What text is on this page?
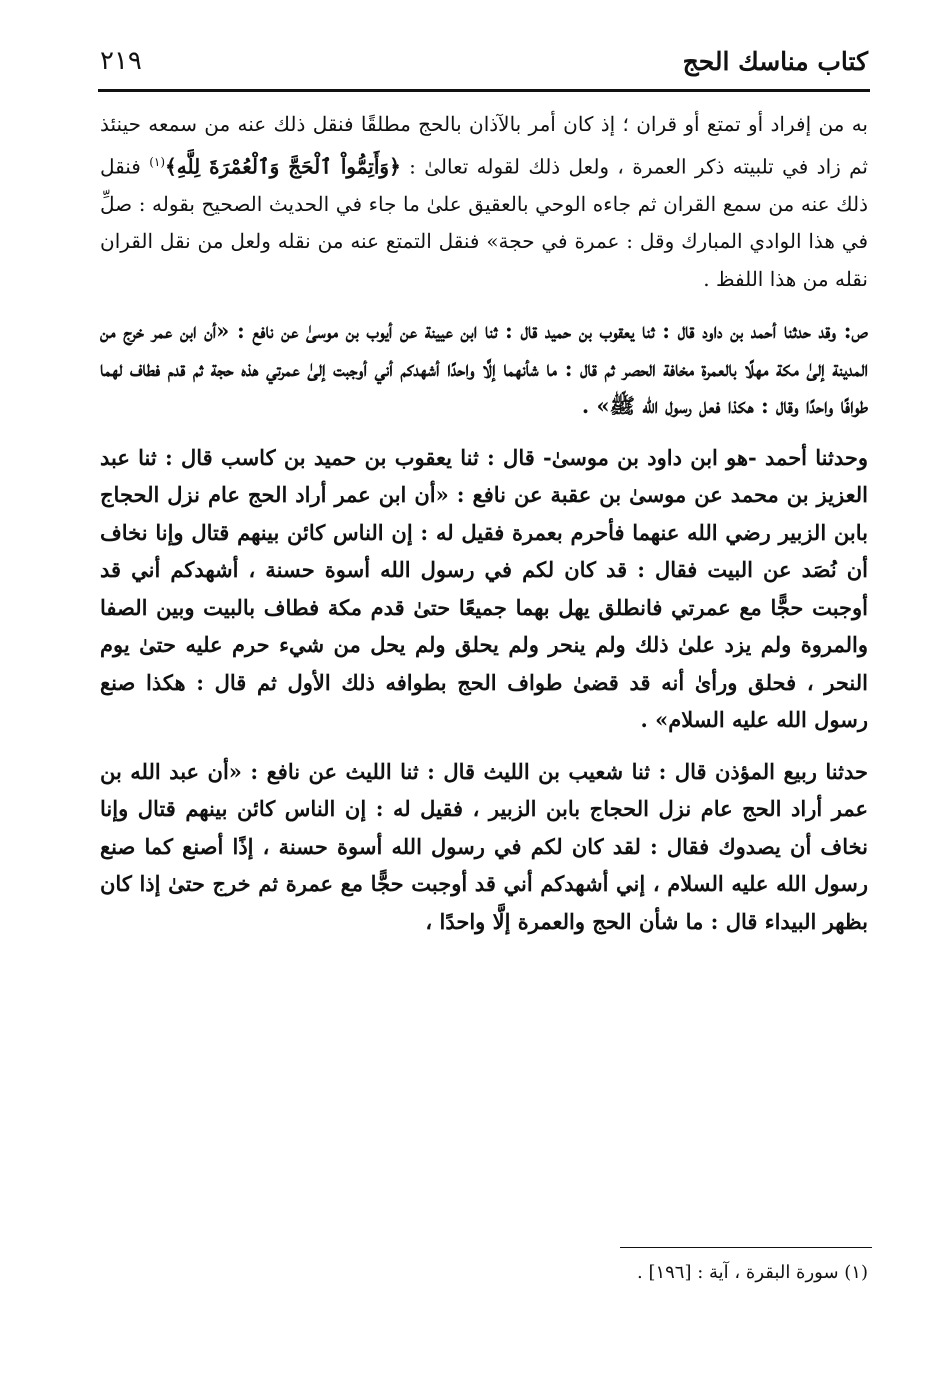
كتاب مناسك الحج
٢١٩

به من إفراد أو تمتع أو قران ؛ إذ كان أمر بالآذان بالحج مطلقًا فنقل ذلك عنه من سمعه حينئذ ثم زاد في تلبيته ذكر العمرة ، ولعل ذلك لقوله تعالىٰ : ﴿وَأَتِمُّواْ ٱلْحَجَّ وَٱلْعُمْرَةَ لِلَّهِ﴾$^{(١)}$ فنقل ذلك عنه من سمع القران ثم جاءه الوحي بالعقيق علىٰ ما جاء في الحديث الصحيح بقوله : صلِّ في هذا الوادي المبارك وقل : عمرة في حجة» فنقل التمتع عنه من نقله ولعل من نقل القران نقله من هذا اللفظ .

ص: وقد حدثنا أحمد بن داود قال : ثنا يعقوب بن حميد قال : ثنا ابن عيينة عن أيوب بن موسىٰ عن نافع : «أن ابن عمر خرج من المدينة إلىٰ مكة مهلًا بالعمرة مخافة الحصر ثم قال : ما شأنهما إلَّا واحدًا أشهدكم أني أوجبت إلىٰ عمرتي هذه حجة ثم قدم فطاف لهما طوافًا واحدًا وقال : هكذا فعل رسول الله ﷺ» .

وحدثنا أحمد -هو ابن داود بن موسىٰ- قال : ثنا يعقوب بن حميد بن كاسب قال : ثنا عبد العزيز بن محمد عن موسىٰ بن عقبة عن نافع : «أن ابن عمر أراد الحج عام نزل الحجاج بابن الزبير رضي الله عنهما فأحرم بعمرة فقيل له : إن الناس كائن بينهم قتال وإنا نخاف أن نُصَد عن البيت فقال : قد كان لكم في رسول الله أسوة حسنة ، أشهدكم أني قد أوجبت حجًّا مع عمرتي فانطلق يهل بهما جميعًا حتىٰ قدم مكة فطاف بالبيت وبين الصفا والمروة ولم يزد علىٰ ذلك ولم ينحر ولم يحلق ولم يحل من شيء حرم عليه حتىٰ يوم النحر ، فحلق ورأىٰ أنه قد قضىٰ طواف الحج بطوافه ذلك الأول ثم قال : هكذا صنع رسول الله عليه السلام» .

حدثنا ربيع المؤذن قال : ثنا شعيب بن الليث قال : ثنا الليث عن نافع : «أن عبد الله بن عمر أراد الحج عام نزل الحجاج بابن الزبير ، فقيل له : إن الناس كائن بينهم قتال وإنا نخاف أن يصدوك فقال : لقد كان لكم في رسول الله أسوة حسنة ، إذًا أصنع كما صنع رسول الله عليه السلام ، إني أشهدكم أني قد أوجبت حجًّا مع عمرة ثم خرج حتىٰ إذا كان بظهر البيداء قال : ما شأن الحج والعمرة إلَّا واحدًا ،

(١) سورة البقرة ، آية : [١٩٦] .
